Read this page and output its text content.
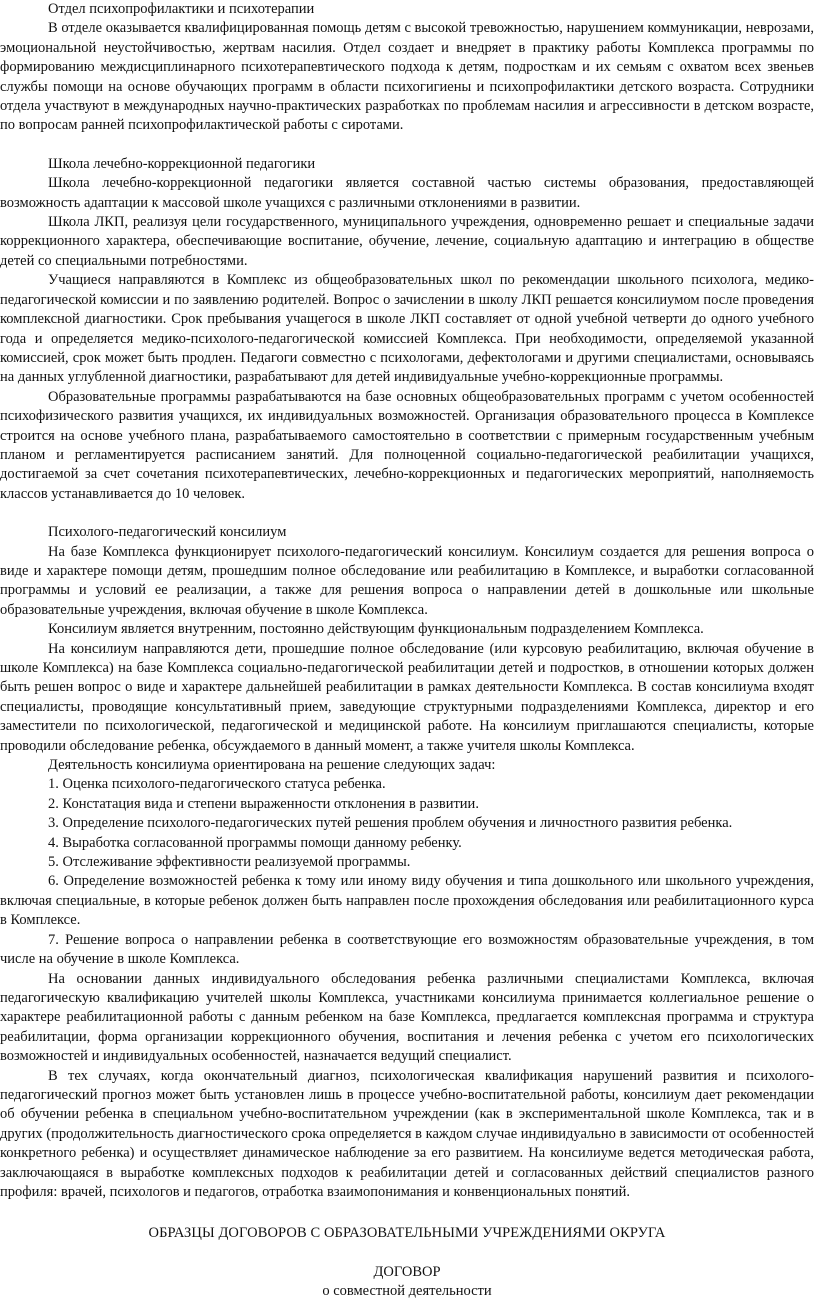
Отдел психопрофилактики и психотерапии

В отделе оказывается квалифицированная помощь детям с высокой тревожностью, нарушением коммуникации, неврозами, эмоциональной неустойчивостью, жертвам насилия. Отдел создает и внедряет в практику работы Комплекса программы по формированию междисциплинарного психотерапевтического подхода к детям, подросткам и их семьям с охватом всех звеньев службы помощи на основе обучающих программ в области психогигиены и психопрофилактики детского возраста. Сотрудники отдела участвуют в международных научно-практических разработках по проблемам насилия и агрессивности в детском возрасте, по вопросам ранней психопрофилактической работы с сиротами.

Школа лечебно-коррекционной педагогики

Школа лечебно-коррекционной педагогики является составной частью системы образования, предоставляющей возможность адаптации к массовой школе учащихся с различными отклонениями в развитии.

Школа ЛКП, реализуя цели государственного, муниципального учреждения, одновременно решает и специальные задачи коррекционного характера, обеспечивающие воспитание, обучение, лечение, социальную адаптацию и интеграцию в обществе детей со специальными потребностями.

Учащиеся направляются в Комплекс из общеобразовательных школ по рекомендации школьного психолога, медико-педагогической комиссии и по заявлению родителей. Вопрос о зачислении в школу ЛКП решается консилиумом после проведения комплексной диагностики. Срок пребывания учащегося в школе ЛКП составляет от одной учебной четверти до одного учебного года и определяется медико-психолого-педагогической комиссией Комплекса. При необходимости, определяемой указанной комиссией, срок может быть продлен. Педагоги совместно с психологами, дефектологами и другими специалистами, основываясь на данных углубленной диагностики, разрабатывают для детей индивидуальные учебно-коррекционные программы.

Образовательные программы разрабатываются на базе основных общеобразовательных программ с учетом особенностей психофизического развития учащихся, их индивидуальных возможностей. Организация образовательного процесса в Комплексе строится на основе учебного плана, разрабатываемого самостоятельно в соответствии с примерным государственным учебным планом и регламентируется расписанием занятий. Для полноценной социально-педагогической реабилитации учащихся, достигаемой за счет сочетания психотерапевтических, лечебно-коррекционных и педагогических мероприятий, наполняемость классов устанавливается до 10 человек.

Психолого-педагогический консилиум

На базе Комплекса функционирует психолого-педагогический консилиум. Консилиум создается для решения вопроса о виде и характере помощи детям, прошедшим полное обследование или реабилитацию в Комплексе, и выработки согласованной программы и условий ее реализации, а также для решения вопроса о направлении детей в дошкольные или школьные образовательные учреждения, включая обучение в школе Комплекса.

Консилиум является внутренним, постоянно действующим функциональным подразделением Комплекса.

На консилиум направляются дети, прошедшие полное обследование (или курсовую реабилитацию, включая обучение в школе Комплекса) на базе Комплекса социально-педагогической реабилитации детей и подростков, в отношении которых должен быть решен вопрос о виде и характере дальнейшей реабилитации в рамках деятельности Комплекса. В состав консилиума входят специалисты, проводящие консультативный прием, заведующие структурными подразделениями Комплекса, директор и его заместители по психологической, педагогической и медицинской работе. На консилиум приглашаются специалисты, которые проводили обследование ребенка, обсуждаемого в данный момент, а также учителя школы Комплекса.

Деятельность консилиума ориентирована на решение следующих задач:

1. Оценка психолого-педагогического статуса ребенка.

2. Констатация вида и степени выраженности отклонения в развитии.

3. Определение психолого-педагогических путей решения проблем обучения и личностного развития ребенка.

4. Выработка согласованной программы помощи данному ребенку.

5. Отслеживание эффективности реализуемой программы.

6. Определение возможностей ребенка к тому или иному виду обучения и типа дошкольного или школьного учреждения, включая специальные, в которые ребенок должен быть направлен после прохождения обследования или реабилитационного курса в Комплексе.

7. Решение вопроса о направлении ребенка в соответствующие его возможностям образовательные учреждения, в том числе на обучение в школе Комплекса.

На основании данных индивидуального обследования ребенка различными специалистами Комплекса, включая педагогическую квалификацию учителей школы Комплекса, участниками консилиума принимается коллегиальное решение о характере реабилитационной работы с данным ребенком на базе Комплекса, предлагается комплексная программа и структура реабилитации, форма организации коррекционного обучения, воспитания и лечения ребенка с учетом его психологических возможностей и индивидуальных особенностей, назначается ведущий специалист.

В тех случаях, когда окончательный диагноз, психологическая квалификация нарушений развития и психолого-педагогический прогноз может быть установлен лишь в процессе учебно-воспитательной работы, консилиум дает рекомендации об обучении ребенка в специальном учебно-воспитательном учреждении (как в экспериментальной школе Комплекса, так и в других (продолжительность диагностического срока определяется в каждом случае индивидуально в зависимости от особенностей конкретного ребенка) и осуществляет динамическое наблюдение за его развитием. На консилиуме ведется методическая работа, заключающаяся в выработке комплексных подходов к реабилитации детей и согласованных действий специалистов разного профиля: врачей, психологов и педагогов, отработка взаимопонимания и конвенциональных понятий.

ОБРАЗЦЫ ДОГОВОРОВ С ОБРАЗОВАТЕЛЬНЫМИ УЧРЕЖДЕНИЯМИ ОКРУГА

ДОГОВОР

о совместной деятельности
